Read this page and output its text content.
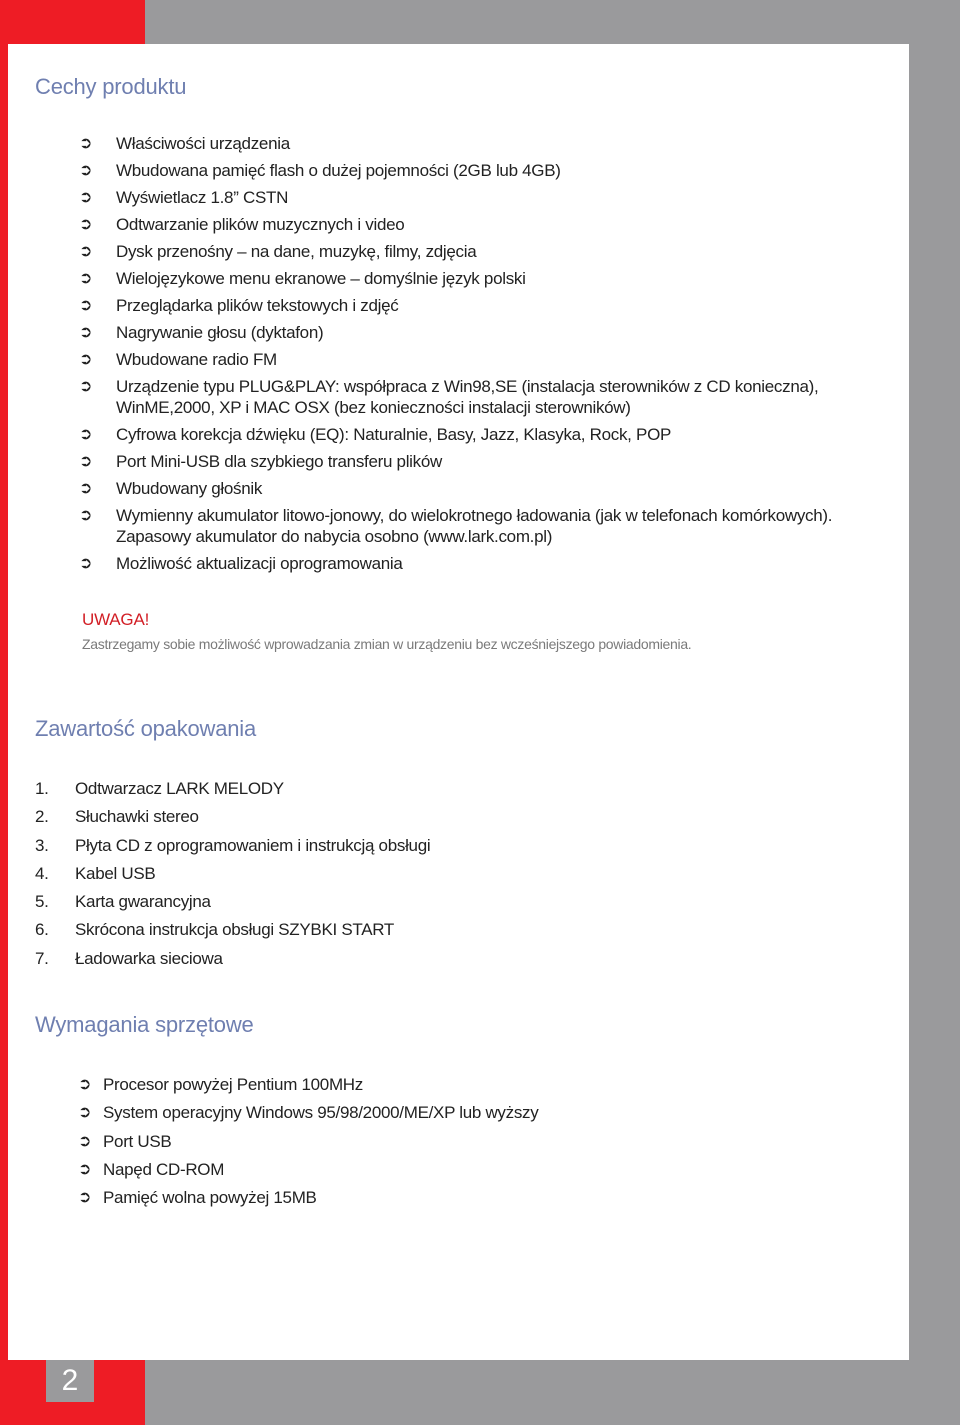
Cechy produktu
➲ Właściwości urządzenia
➲ Wbudowana pamięć flash o dużej pojemności (2GB lub 4GB)
➲ Wyświetlacz 1.8” CSTN
➲ Odtwarzanie plików muzycznych i video
➲ Dysk przenośny – na dane, muzykę, filmy, zdjęcia
➲ Wielojęzykowe menu ekranowe – domyślnie język polski
➲ Przeglądarka plików tekstowych i zdjęć
➲ Nagrywanie głosu (dyktafon)
➲ Wbudowane radio FM
➲ Urządzenie typu PLUG&PLAY: współpraca z Win98,SE (instalacja sterowników z CD konieczna), WinME,2000, XP i MAC OSX (bez konieczności instalacji sterowników)
➲ Cyfrowa korekcja dźwięku (EQ): Naturalnie, Basy, Jazz, Klasyka, Rock, POP
➲ Port Mini-USB dla szybkiego transferu plików
➲ Wbudowany głośnik
➲ Wymienny akumulator litowo-jonowy, do wielokrotnego ładowania (jak w telefonach komórkowych). Zapasowy akumulator do nabycia osobno (www.lark.com.pl)
➲ Możliwość aktualizacji oprogramowania

UWAGA!

Zastrzegamy sobie możliwość wprowadzania zmian w urządzeniu bez wcześniejszego powiadomienia.

Zawartość opakowania
1. Odtwarzacz LARK MELODY
2. Słuchawki stereo
3. Płyta CD z oprogramowaniem i instrukcją obsługi
4. Kabel USB
5. Karta gwarancyjna
6. Skrócona instrukcja obsługi SZYBKI START
7. Ładowarka sieciowa
Wymagania sprzętowe
➲ Procesor powyżej Pentium 100MHz
➲ System operacyjny Windows 95/98/2000/ME/XP lub wyższy
➲ Port USB
➲ Napęd CD-ROM
➲ Pamięć wolna powyżej 15MB
2
